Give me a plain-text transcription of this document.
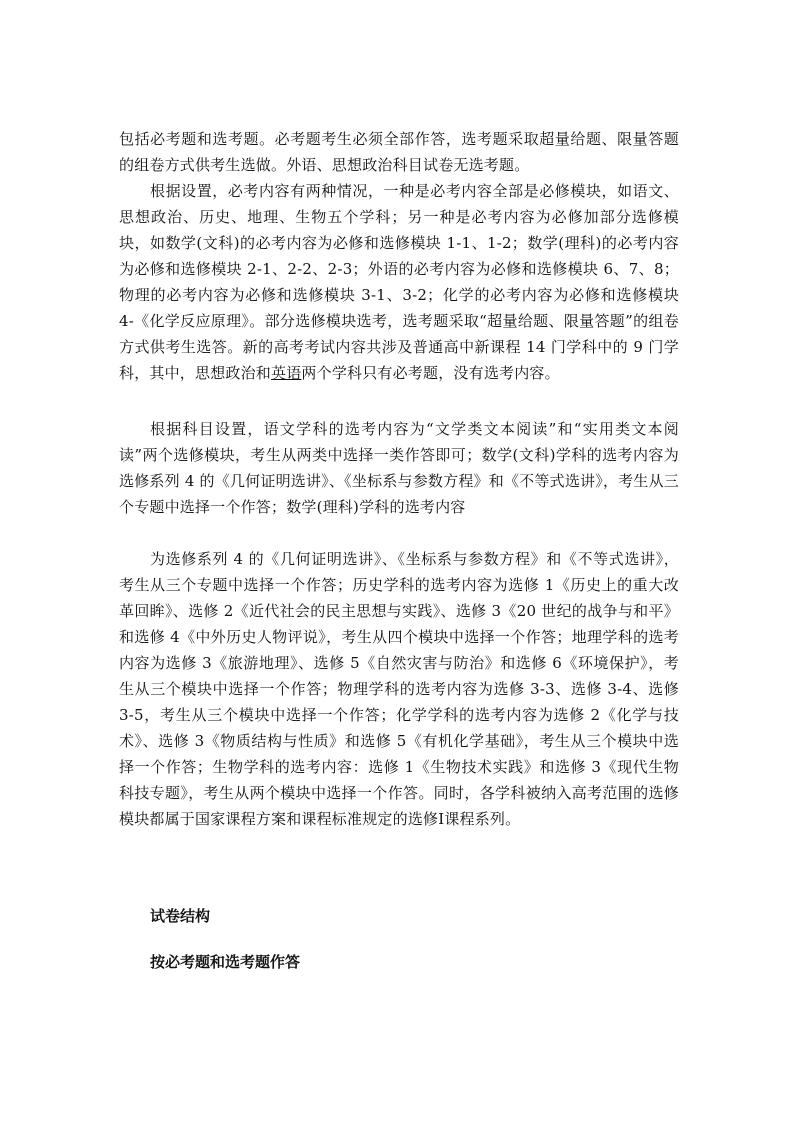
包括必考题和选考题。必考题考生必须全部作答，选考题采取超量给题、限量答题的组卷方式供考生选做。外语、思想政治科目试卷无选考题。

根据设置，必考内容有两种情况，一种是必考内容全部是必修模块，如语文、思想政治、历史、地理、生物五个学科；另一种是必考内容为必修加部分选修模块，如数学(文科)的必考内容为必修和选修模块 1-1、1-2；数学(理科)的必考内容为必修和选修模块 2-1、2-2、2-3；外语的必考内容为必修和选修模块 6、7、8；物理的必考内容为必修和选修模块 3-1、3-2；化学的必考内容为必修和选修模块 4-《化学反应原理》。部分选修模块选考，选考题采取“超量给题、限量答题”的组卷方式供考生选答。新的高考考试内容共涉及普通高中新课程 14 门学科中的 9 门学科，其中，思想政治和英语两个学科只有必考题，没有选考内容。

根据科目设置，语文学科的选考内容为“文学类文本阅读”和“实用类文本阅读”两个选修模块，考生从两类中选择一类作答即可；数学(文科)学科的选考内容为选修系列 4 的《几何证明选讲》、《坐标系与参数方程》和《不等式选讲》，考生从三个专题中选择一个作答；数学(理科)学科的选考内容

为选修系列 4 的《几何证明选讲》、《坐标系与参数方程》和《不等式选讲》，考生从三个专题中选择一个作答；历史学科的选考内容为选修 1《历史上的重大改革回眸》、选修 2《近代社会的民主思想与实践》、选修 3《20 世纪的战争与和平》和选修 4《中外历史人物评说》，考生从四个模块中选择一个作答；地理学科的选考内容为选修 3《旅游地理》、选修 5《自然灾害与防治》和选修 6《环境保护》，考生从三个模块中选择一个作答；物理学科的选考内容为选修 3-3、选修 3-4、选修 3-5，考生从三个模块中选择一个作答；化学学科的选考内容为选修 2《化学与技术》、选修 3《物质结构与性质》和选修 5《有机化学基础》，考生从三个模块中选择一个作答；生物学科的选考内容：选修 1《生物技术实践》和选修 3《现代生物科技专题》，考生从两个模块中选择一个作答。同时，各学科被纳入高考范围的选修模块都属于国家课程方案和课程标准规定的选修Ⅰ课程系列。

试卷结构

按必考题和选考题作答
